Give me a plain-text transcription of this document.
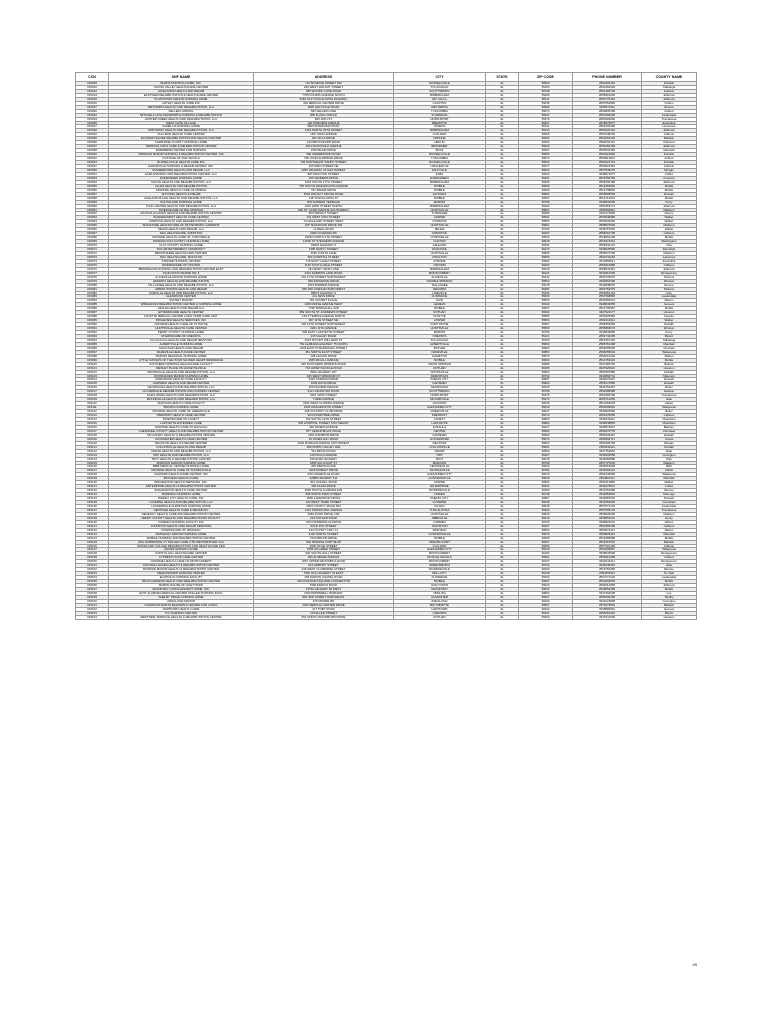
CCN	SNF NAME	ADDRESS	CITY	STATE	ZIP CODE	PHONE NUMBER	COUNTY NAME
015009	BURNS NURSING HOME, INC.	701 MONROE STREET NW	RUSSELLVILLE	AL	35653	2563324110	Franklin
015010	COOSA VALLEY HEALTHCARE CENTER	260 WEST WALNUT STREET	SYLACAUGA	AL	35150	2562494404	Talladega
015012	HIGHLANDS HEALTH AND REHAB	380 WOODS COVE ROAD	SCOTTSBORO	AL	35768	2562183700	Jackson
015014	EASTVIEW REHABILITATION & HEALTHCARE CENTER	7755 FOURTH AVENUE SOUTH	BIRMINGHAM	AL	35206	2058361036	Jefferson
015015	PLANTATION MANOR NURSING HOME	6450 OLD TUSCALOOSA HIGHWAY	MC CALLA	AL	35111	2054776161	Jefferson
015016	HATLEY HEALTH CARE INC	300 MEDICAL CENTER DRIVE	CLANTON	AL	35045	2057554960	Chilton
015017	WETUMPKA HEALTH AND REHABILITATION, LLC	1825 HOLTVILLE ROAD	WETUMPKA	AL	36092	3345672111	Elmore
015020	KELLER LANDING	823 KELLER LANE	TUSCUMBIA	AL	35674	2563835155	Colbert
015022	MITCHELL-HOLLINGSWORTH NURSING & REHABILITATION	608 FLAGG CIRCLE	FLORENCE	AL	35631	2567605400	Lauderdale
015024	HUNTER CREEK HEALTH AND REHABILITATION, LLC	600 18TH ST	NORTHPORT	AL	35476	2053393900	Tuscaloosa
015026	WEST GATE VILLAGE	100 PINEVIEW AVENUE	BREWTON	AL	36427	2518676077	Escambia
015027	CAMELLIA NURSING HOME	4800 RIVERVIEW PKWY	ATHENS	AL	35611	2562334300	Limestone
015028	NORTHWAY HEALTH AND REHABILITATION, LLC	1424 NORTH 25TH STREET	BIRMINGHAM	AL	35234	2053220191	Jefferson
015032	CULLMAN HEALTH CARE CENTER	1607 MAIN AVENUE	CULLMAN	AL	35055	2567348745	Cullman
015035	EASTERN SHORE REHABILITATION AND HEALTH CENTER	201 VILLA DRIVE	DAPHNE	AL	36526	2516264100	Baldwin
015036	CLEBURNE COUNTY NURSING HOME	120 BROCKFORD ROAD	HEFLIN	AL	36264	2564632121	Cleburne
015037	TERRACE OAKS CARE & REHABILITATION CENTER	4201 MCDONALD AVENUE	BESSEMER	AL	35020	2054281459	Jefferson
015038	RIVERBEND CENTER FOR NURSING	1600 BLAIR DRIVE	BOAZ	AL	35957	2565934455	Marshall
015040	TERRACE MANOR NURSING & REHABILITATION CENTER, INC	590 UNDERWOOD ROAD	RUSSELLVILLE	AL	35653	2563321826	Franklin
015042	COTTAGE OF THE SHOALS	500 JOHN ALDRIDGE DRIVE	TUSCUMBIA	AL	35674	2563814541	Colbert
015044	RUSSELLVILLE HEALTH CARE INC	705 NORTHEAST SANDY STREET	RUSSELLVILLE	AL	35653	2563321713	Franklin
015047	HANCEVILLE NURSING & REHAB CENTER, INC.	420 MAIN STREET NE	HANCEVILLE	AL	35077	2563524481	Cullman
015050	SUMMERFORD HEALTH AND REHAB, LLC	4087 HIGHWAY 31 SOUTHWEST	FALKVILLE	AL	35622	2567845275	Morgan
015051	ELBA NURSING AND REHABILITATION CENTER, LLC	987 DRAYTON STREET	ELBA	AL	36323	3348972277	Coffee
015053	EVERGREEN NURSING HOME	100 SANDERS DRIVE	EVERGREEN	AL	36401	2515783783	Conecuh
015054	SOUTH HEALTH AND REHABILITATION, LLC	1216 SOUTH 17TH STREET	BIRMINGHAM	AL	35205	2059336180	Jefferson
015055	ALLEN HEALTH AND REHABILITATION	755 SOUTH WASHINGTON AVENUE	MOBILE	AL	36603	2514352662	Mobile
015056	CROWNE HEALTH CARE OF MOBILE	701 BAKER DRIVE	MOBILE	AL	36609	2516738840	Mobile
015057	ALTOONA HEALTH & REHAB	3532 WALNUT GROVE ROAD	ALTOONA	AL	35952	2055895564	Etowah
015058	ASHLAND PLACE HEALTH AND REHABILITATION, LLC	148 TUSCALOOSA ST	MOBILE	AL	36607	2514713431	Mobile
015059	SOUTHLAND NURSING HOME	500 SHIVERS TERRACE	MARION	AL	36756	3346832645	Perry
015060	CIVIC CENTER HEALTH AND REHABILITATION, LLC	1201 22ND STREET NORTH	BIRMINGHAM	AL	35234	2053253171	Jefferson
015061	DIVERSICARE OF BIG SPRINGS	500 ST. CLAIR AVENUE SOUTHWEST	HUNTSVILLE	AL	35801	2565399111	Madison
015062	MAGNOLIA HAVEN HEALTH AND REHABILITATION CENTER	603 WRIGHT STREET	TUSKEGEE	AL	36083	3347274960	Macon
015063	SHADESCREST HEALTH CARE CENTER	101 WEST 20TH STREET	JASPER	AL	35501	2053840896	Walker
015064	CORDOVA HEALTH AND REHABILITATION, LLC	70 HIGHLAND STREET WEST	CORDOVA	AL	35550	2054835281	Walker
015065	SIGNATURE HEALTHCARE OF WHITESBURG GARDENS	105 TEAKWOOD DRIVE SW	HUNTSVILLE	AL	35801	2568837600	Madison
015066	SELMA HEALTH AND REHAB, LLC	11 REAL ROAD	SELMA	AL	36703	3348757615	Dallas
015067	NHC HEALTHCARE, ANNISTON	2300 COLEMAN RD	ANNISTON	AL	36207	2568491735	Calhoun
015068	CROWNE HEALTH CARE OF CITRONELLE	19230 NORTH 4TH STREET	CITRONELLE	AL	36522	2518663109	Mobile
015069	WASHINGTON COUNTY NURSING HOME	14600 ST STEPHENS AVENUE	CHATOM	AL	36518	2518474313	Washington
015070	CLAY COUNTY NURSING HOME	83825 HIGHWAY 9	ASHLAND	AL	36251	2563542131	Clay
015071	TAYLOR RETIREMENT COMMUNITY	1395 NANCY STREET	ROANOKE	AL	36274	3348635550	Randolph
015072	BROOKSHIRE HEALTHCARE CENTER	4320 JUDITH LANE	HUNTSVILLE	AL	35805	2568372750	Madison
015073	NHC HEALTHCARE, MOULTON	300 HOSPITAL STREET	MOULTON	AL	35650	2569741146	Lawrence
015074	ATMORE NURSING CENTER	715 EAST LAURA STREET	ATMORE	AL	36502	2513685211	Escambia
015075	DIVERSICARE OF OXFORD	1130 SOUTH HALE STREET	OXFORD	AL	36203	2568316880	Calhoun
015076	BIRMINGHAM NURSING AND REHABILITATION CENTER EAST	733 MARY VANN LANE	BIRMINGHAM	AL	35215	2058541361	Jefferson
015077	JOHN KNOX MANOR INC II	4401 NARROW LANE ROAD	MONTGOMERY	AL	36116	3342816336	Montgomery
015078	ALICEVILLE MANOR NURSING HOME	201 17TH STREET NORTHWEST	ALICEVILLE	AL	35442	2053734507	Pickens
015079	HENDRIX HEALTH AND REHABILITATION	309 PAPARONE DRIVE	DOUBLE SPRINGS	AL	35553	2054891300	Winston
015080	TALLASSEE HEALTH AND REHABILITATION, LLC	3419 BARBER AVENUE	TALLASSEE	AL	36078	3342838975	Elmore
015081	ARBOR WOODS HEALTH AND REHAB	535 2ND AVENUE NORTHWEST	REFORM	AL	35481	2053753379	Pickens
015082	LINEVILLE HEALTH AND REHABILITATION, LLC	88073 HIGHWAY 9	LINEVILLE	AL	36266	2563962104	Clay
015083	GLENWOOD CENTER	211 JESS DRIVE	FLORENCE	AL	35630	2567668865	Lauderdale
015084	SUNSET MANOR	251 SUNSET PLACE	GUIN	AL	35563	2054683321	Marion
015085	WIREGRASS REHABILITATION CENTER & NURSING HOME	1200 MAPLE AVENUE WEST	GENEVA	AL	36340	3346843655	Geneva
015086	AZALEA HEALTH AND REHAB LLC	1758 SPRINGHILL AVE	MOBILE	AL	36607	2514790551	Mobile
015087	EXTENDICARE HEALTH CENTER	959 SOUTH ST. ANDREWS STREET	DOTHAN	AL	36302	3347921177	Houston
015088	FAYETTE MEDICAL CENTER LONG TERM CARE UNIT	160 8 TEMPLE AVENUE NORTH	FAYETTE	AL	35555	2059325966	Fayette
015089	RIDGEVIEW HEALTH SERVICES, INC	907 11TH STREET NE	JASPER	AL	35504	2052214311	Walker
015090	CROWNE HEALTH CARE OF FT PAYNE	403 14TH STREET NORTHWEST	FORT PAYNE	AL	35967	2568453560	DeKalb
015091	HUNTSVILLE HEALTH CARE CENTER	2201 11TH AVENUE	HUNTSVILLE	AL	35560	2055866674	Winston
015092	PERRY COUNTY NURSING HOME	505 EAST LAFAYETTE STREET	MARION	AL	36756	3346839656	Perry
015093	DIVERSICARE OF ONEONTA	215 VALLEY ROAD	ONEONTA	AL	35121	2052742365	Blount
015094	SYLACAUGA HEALTH AND REHAB SERVICES	1007 W FORT WILLIAMS ST	SYLACAUGA	AL	35150	2562457402	Talladega
015095	ALBERTVILLE NURSING HOME	750 ALABAMA HIGHWAY 75 NORTH	ALBERTVILLE	AL	35950	2568781398	Marshall
015096	CHOCTAW HEALTH AND REHAB	3406 EAST PUSHMATAHA STREET	BUTLER	AL	36904	2054595606	Choctaw
015097	DADEVILLE HEALTHCARE CENTER	351 NORTH EAST STREET	DADEVILLE	AL	36853	2568255044	Tallapoosa
015098	MARION REGIONAL NURSING HOME	108 LEGION DRIVE	HAMILTON	AL	35570	2059216440	Marion
015099	LITTLE SISTERS OF THE POOR SACRED HEART RESIDENCE	1655 MCGILL AVENUE	MOBILE	AL	36604	2514763421	Mobile
015100	SOUTHERN SPRINGS HEALTHCARE FACILITY	245 SOUTHERN SPRINGS ROAD	UNION SPRINGS	AL	36089	3347383740	Bullock
015101	WESLEY PLACE ON HONEYSUCKLE	718 HONEYSUCKLE ROAD	DOTHAN	AL	36305	3347920921	Houston
015102	CROSSVILLE HEALTH AND REHABILITATION, LLC	8932 HIGHWAY 227	CROSSVILLE	AL	35962	2565287866	DeKalb
015103	WOODHAVEN MANOR NURSING HOME	105 WEST WINDSOR ST	DEMOPOLIS	AL	36732	3342892741	Marengo
015104	PARKWOOD HEALTH CARE FACILITY	3301 STADIUM DRIVE	PHENIX CITY	AL	36867	3342970237	Russell
015105	GADSDEN HEALTH AND REHAB CENTER	1945 DAVIS DRIVE	GADSDEN	AL	35904	2565474556	Etowah
015106	GEORGIANA HEALTH AND REHABILITATION, LLC	206 PALMER AVENUE	GEORGIANA	AL	36033	3343762267	Butler
015107	CLOVERDALE REHABILITATION AND NURSING CENTER	612 LUDINGTON ROAD	SCOTTSBORO	AL	35768	2562595585	Jackson
015108	GLEN HAVEN HEALTH AND REHABILITATION, LLC	2201 32ND STREET	NORTHPORT	AL	35476	2053393700	Tuscaloosa
015109	MOUNDVILLE HEALTH AND REHABILITATION, LLC	THIRD AVENUE	MOUNDVILLE	AL	35474	2053712252	Hale
015110	JACKSON HEALTH CARE FACILITY	3104 WEST FLORIDA AVENUE	JACKSON	AL	36545	2512463078	Clarke
015111	BROWN NURSING HOME	2334 WASHINGTON STREET	ALEXANDER CITY	AL	35010	2563299061	Tallapoosa
015112	CROWNE HEALTH CARE OF GREENVILLE	408 COUNTRY CLUB DRIVE	GREENVILLE	AL	36037	3343823066	Butler
015113	PIEDMONT HEALTH CARE CENTER	30 ROUNDTREE DRIVE	PIEDMONT	AL	36272	2564478256	Calhoun
015114	DIVERSICARE OF LANETT	702 SOUTH 13TH STREET	LANETT	AL	36863	3346443111	Chambers
015115	LAFAYETTE EXTENDED CARE	805 HOSPITAL STREET SOUTHEAST	LAFAYETTE	AL	36862	3348648854	Chambers
015116	CROWNE HEALTH CARE OF EUFAULA	430 RIVERS AVENUE	EUFAULA	AL	36027	3346874627	Barbour
015117	CHEROKEE COUNTY HEALTH AND REHABILITATION CENTER	877 CEDAR BLUFF ROAD	CENTRE	AL	35960	2569275778	Cherokee
015118	MCGUFFEY HEALTH & REHABILITATION CENTER	2301 RAINBOW DRIVE	GADSDEN	AL	35999	2565439497	Etowah
015119	GOODWATER HEALTH CARE CENTER	16 JONES HILL ROAD	GOODWATER	AL	35072	2568394711	Coosa
015120	DECATUR HEALTH & REHAB CENTER	2326 MORGAN AVENUE SOUTHWEST	DECATUR	AL	35603	2563405700	Morgan
015121	COLLINSVILLE HEALTH AND REHAB	680 NORTH VALLEY AVE	COLLINSVILLE	AL	35961	2565242111	DeKalb
015122	CEDAR HEALTH AND REHABILITATION, LLC	312 BRYAN ROAD	CEDAR	AL	36960	3347762561	Dale
015123	OPP HEALTH AND REHABILITATION, LLC	115 PAULK AVENUE	OPP	AL	36467	3344934558	Covington
015124	TROY HEALTH & REHABILITATION CENTER	510 ELBA HIGHWAY	TROY	AL	36079	3345660880	Pike
015125	MADISON MANOR NURSING HOME	1895 SULLIVANT ST	MADISON	AL	35758	2567727643	Madison
015126	BIBB MEDICAL CENTER NURSING HOME	208 PIERSON AVE	CENTREVILLE	AL	35042	2059261000	Bibb
015127	CROWNE HEALTH CARE OF THOMASVILLE	1025 MOBLEY DRIVE	THOMASVILLE	AL	36784	3346366414	Clarke
015128	CHAPMAN HEALTHCARE CENTER, INC	3701 DADEVILLE ROAD	ALEXANDER CITY	AL	35010	2562346666	Tallapoosa
015129	BAYFIELD HEALTH CARE	22888 HIGHWAY 411	GUNTERSVILLE	AL	35976	2564824111	Marshall
015130	RIDGEWOOD HEALTH SERVICES, INC.	301 OAKHILL ROAD	JASPER	AL	35504	2052213860	Walker
015131	ENTERPRISE HEALTH & REHABILITATION CENTER	300 PLAZA DRIVE	ENTERPRISE	AL	36331	3343479541	Coffee
015132	ENGLEWOOD HEALTH CARE CENTER	2506 SOUTH ALABAMA AVE	MONROEVILLE	AL	36460	2515753280	Monroe
015133	MARENGO NURSING HOME	608 NORTH MAIN STREET	LINDEN	AL	36748	3342953803	Marengo
015134	PHENIX CITY HEALTH CARE, INC	3900 LAKEWOOD DRIVE	PHENIX CITY	AL	36867	3342987601	Russell
015135	LUVERNE HEALTH AND REHABILITATION, LLC	142 WEST THIRD STREET	LUVERNE	AL	36049	3343354629	Crenshaw
015136	LAUDERDALE CHRISTIAN NURSING HOME	2003 COUNTY ROAD 394	KILLEN	AL	35645	2567572103	Lauderdale
015137	HERITAGE HEALTH CARE & REHAB INC	1101 SNOWS MILL AVENUE	TUSCALOOSA	AL	35406	2057595179	Tuscaloosa
015138	REGENCY HEALTH CARE AND REHABILITATION CENTER	2081 FOOD DRIVE, NW	HUNTSVILLE	AL	35810	2568528290	Madison
015139	HENRY COUNTY HEALTH AND REHABILITATION FACILITY	212 DOTHAN ROAD	ABBEVILLE	AL	36310	3345852241	Henry
015140	CAMDEN NURSING FACILITY INC	210 FONDERVILLE DRIVE	CAMDEN	AL	36726	3346824231	Wilcox
015141	JOHNSTON HEALTH AND REHAB SERVICES	600 E 8TH STREET	JOHNSTON	AL	36207	2562360409	Calhoun
015142	DIVERSICARE OF WINFIELD	144 COUNTY HWY 14	WINFIELD	AL	35594	2054874211	Marion
015143	MARSHALL MANOR NURSING HOME	3120 NORTH STREET	GUNTERSVILLE	AL	35976	2565829261	Marshall
015144	MOBILE NURSING AND REHABILITATION CENTER	7020 BRUNS DRIVE	MOBILE	AL	36695	2516395586	Mobile
015145	WILLOWBROOKE CT SKILLED CARE CTR WESTMINSTER VLG	500 SPANISH FORT BLVD	SPANISH FORT	AL	36527	2516267007	Baldwin
015146	WOODLAND VILLAGE REHABILITATION AND HEALTHCARE CEN	1900 OLIVE STREET	CULLMAN	AL	35055	2567391430	Cullman
015147	ADAMS NURSING HOME	1555 HILLABEE STREET	ALEXANDER CITY	AL	35010	2563299867	Tallapoosa
015148	CAPITOL HILL HEALTHCARE CENTER	520 SOUTH HULL STREET	MONTGOMERY	AL	36104	3346842500	Montgomery
015149	CYPRESS COVE CARE CENTER	200 ALABAMA AVENUE	MUSCLE SHOALS	AL	35661	2566614300	Colbert
015150	CROWNE HEALTH CARE OF MONTGOMERY	1837 UPPER WETUMPKA ROAD	MONTGOMERY	AL	36107	3342644411	Montgomery
015151	COLONIAL HAVEN HEALTH & REHABILITATION CENTER	616 ARMORY STREET	GREENSBORO	AL	36744	3346246304	Hale
015152	MONROE MANOR HEALTH & REHABILITATION CENTER	236 WEST CLAIBORNE STREET	MONROEVILLE	AL	36460	2515752666	Monroe
015153	MEADOWVIEW NURSING CENTER	7000 OLD HIGHWAY 31 EAST	PELL CITY	AL	35128	2053405111	St. Clair
015154	ELIOPOLIS NURSING FACILITY	269 MARVIN CHAPEL ROAD	FLORENCE	AL	35630	2567671432	Lauderdale
015155	PALM GARDENS HEALTH AND REHABILITATION CENTER	3104 DAUPHIN SQUARE CONNECTOR	MOBILE	AL	36607	2514602003	Mobile
015156	BARON HOUSE OF HUEYTOWN	1590 ENRICH ROAD	HUEYTOWN	AL	35023	2054912965	Jefferson
015157	GRAND BAY CONVALESCENT HOME, INC.	13750 HIGHWAY 90 WEST	GRAND BAY	AL	36541	2518654459	Mobile
015158	EAST ALABAMA MEDICAL CENTER SKILLED NURSING FACIL	2000 PEPPERELL PARKWAY	OPELIKA	AL	36802	3347494235	Lee
015159	SHELBY RIDGE NURSING HOME	881 3RD STREET NORTHEAST	ALABASTER	AL	35007	2056200150	Shelby
015160	ANDALUSIA MANOR	670 MOORE RD	ANDALUSIA	AL	36420	3342224848	Covington
015161	OAKWOOD-NORTH BALDWIN'S CENTER FOR LIVING	2010 MEDICAL CENTER DRIVE	BAY MINETTE	AL	36507	2519373501	Baldwin
015162	HARTFORD HEALTH CARE	217 TOBY ROAD	HARTFORD	AL	36344	3345880961	Geneva
015163	TLC NURSING CENTER	213 ELLEN STREET	ONEONTA	AL	35121	2056251910	Blount
015164	WESTSIDE TERRACE HEALTH & REHABILITATION CENTER	501 NORTH WOODBURN DRIVE	DOTHAN	AL	36303	3347941000	Houston
49
